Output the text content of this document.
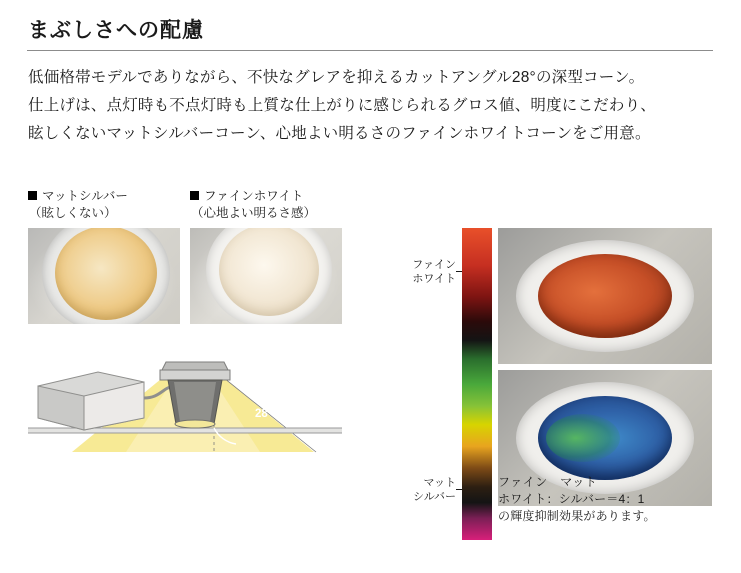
まぶしさへの配慮
低価格帯モデルでありながら、不快なグレアを抑えるカットアングル28°の深型コーン。
仕上げは、点灯時も不点灯時も上質な仕上がりに感じられるグロス値、明度にこだわり、
眩しくないマットシルバーコーン、心地よい明るさのファインホワイトコーンをご用意。
マットシルバー
（眩しくない）
ファインホワイト
（心地よい明るさ感）
28°
ファイン
ホワイト
マット
シルバー
ファイン　マット
ホワイト：シルバー＝4：1
の輝度抑制効果があります。
